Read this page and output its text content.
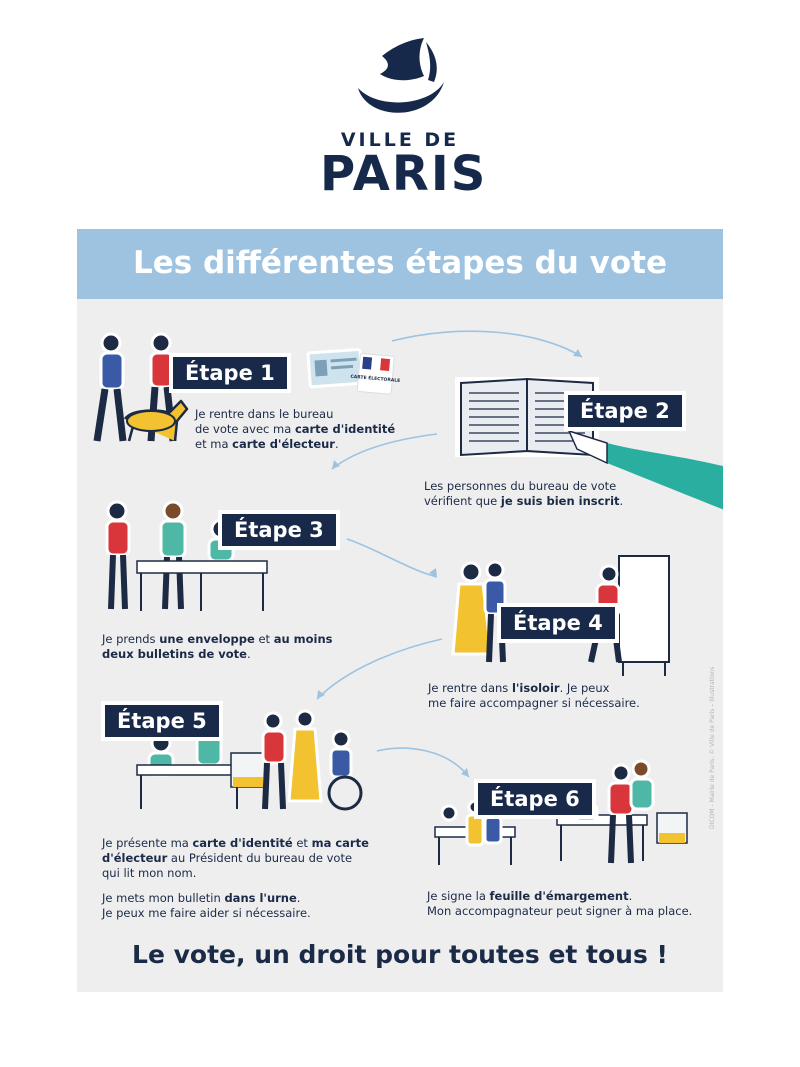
VILLE DE
PARIS
Les différentes étapes du vote
Étape 1	CARTE ÉLECTORALE

Je rentre dans le bureau

de vote avec ma carte d'identité

et ma carte d'électeur.

Étape 2

Les personnes du bureau de vote

vérifient que je suis bien inscrit.

Étape 3

Je prends une enveloppe et au moins

deux bulletins de vote.

Étape 4

Je rentre dans l'isoloir. Je peux

me faire accompagner si nécessaire.

Étape 5

Je présente ma carte d'identité et ma carte

d'électeur au Président du bureau de vote

qui lit mon nom.

Je mets mon bulletin dans l'urne.

Je peux me faire aider si nécessaire.

Étape 6

Je signe la feuille d'émargement.

Mon accompagnateur peut signer à ma place.

DICOM - Mairie de Paris, © Ville de Paris – Illustrations
Le vote, un droit pour toutes et tous !
